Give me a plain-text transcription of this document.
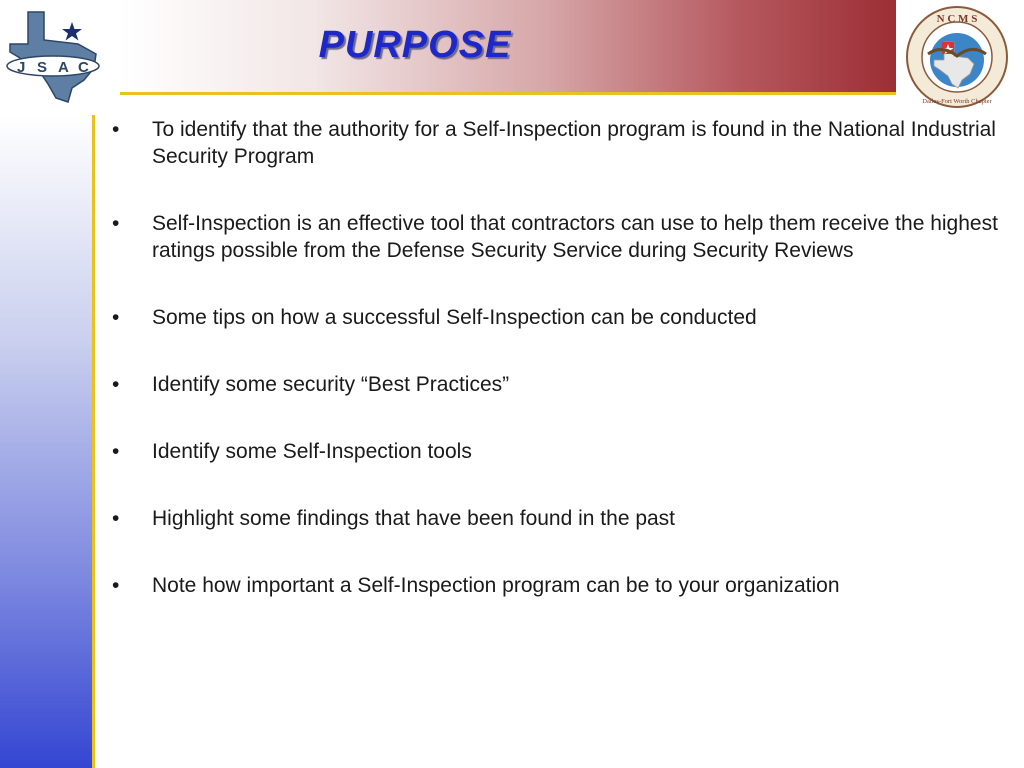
J S A C
PURPOSE
N C M S
Dallas-Fort Worth Chapter
• To identify that the authority for a Self-Inspection program is found in the National Industrial Security Program
• Self-Inspection is an effective tool that contractors can use to help them receive the highest ratings possible from the Defense Security Service during Security Reviews
• Some tips on how a successful Self-Inspection can be conducted
• Identify some security “Best Practices”
• Identify some Self-Inspection tools
• Highlight some findings that have been found in the past
• Note how important a Self-Inspection program can be to your organization
